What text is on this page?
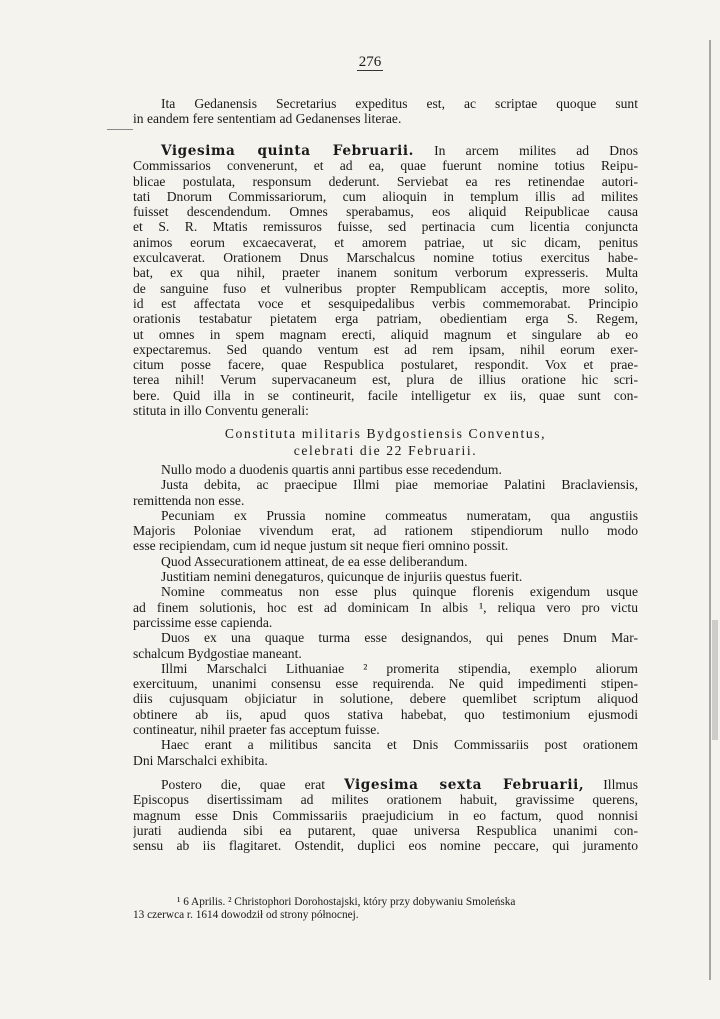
276
Ita Gedanensis Secretarius expeditus est, ac scriptae quoque sunt
in eandem fere sententiam ad Gedanenses literae.
Vigesima quinta Februarii. In arcem milites ad Dnos
Commissarios convenerunt, et ad ea, quae fuerunt nomine totius Reipu-
blicae postulata, responsum dederunt. Serviebat ea res retinendae autori-
tati Dnorum Commissariorum, cum alioquin in templum illis ad milites
fuisset descendendum. Omnes sperabamus, eos aliquid Reipublicae causa
et S. R. Mtatis remissuros fuisse, sed pertinacia cum licentia conjuncta
animos eorum excaecaverat, et amorem patriae, ut sic dicam, penitus
exculcaverat. Orationem Dnus Marschalcus nomine totius exercitus habe-
bat, ex qua nihil, praeter inanem sonitum verborum expresseris. Multa
de sanguine fuso et vulneribus propter Rempublicam acceptis, more solito,
id est affectata voce et sesquipedalibus verbis commemorabat. Principio
orationis testabatur pietatem erga patriam, obedientiam erga S. Regem,
ut omnes in spem magnam erecti, aliquid magnum et singulare ab eo
expectaremus. Sed quando ventum est ad rem ipsam, nihil eorum exer-
citum posse facere, quae Respublica postularet, respondit. Vox et prae-
terea nihil! Verum supervacaneum est, plura de illius oratione hic scri-
bere. Quid illa in se contineurit, facile intelligetur ex iis, quae sunt con-
stituta in illo Conventu generali:
Constituta militaris Bydgostiensis Conventus,
celebrati die 22 Februarii.
Nullo modo a duodenis quartis anni partibus esse recedendum.
Justa debita, ac praecipue Illmi piae memoriae Palatini Braclaviensis,
remittenda non esse.
Pecuniam ex Prussia nomine commeatus numeratam, qua angustiis
Majoris Poloniae vivendum erat, ad rationem stipendiorum nullo modo
esse recipiendam, cum id neque justum sit neque fieri omnino possit.
Quod Assecurationem attineat, de ea esse deliberandum.
Justitiam nemini denegaturos, quicunque de injuriis questus fuerit.
Nomine commeatus non esse plus quinque florenis exigendum usque
ad finem solutionis, hoc est ad dominicam In albis ¹, reliqua vero pro victu
parcissime esse capienda.
Duos ex una quaque turma esse designandos, qui penes Dnum Mar-
schalcum Bydgostiae maneant.
Illmi Marschalci Lithuaniae ² promerita stipendia, exemplo aliorum
exercituum, unanimi consensu esse requirenda. Ne quid impedimenti stipen-
diis cujusquam objiciatur in solutione, debere quemlibet scriptum aliquod
obtinere ab iis, apud quos stativa habebat, quo testimonium ejusmodi
contineatur, nihil praeter fas acceptum fuisse.
Haec erant a militibus sancita et Dnis Commissariis post orationem
Dni Marschalci exhibita.
Postero die, quae erat Vigesima sexta Februarii, Illmus
Episcopus disertissimam ad milites orationem habuit, gravissime querens,
magnum esse Dnis Commissariis praejudicium in eo factum, quod nonnisi
jurati audienda sibi ea putarent, quae universa Respublica unanimi con-
sensu ab iis flagitaret. Ostendit, duplici eos nomine peccare, qui juramento
¹ 6 Aprilis. ² Christophori Dorohostajski, który przy dobywaniu Smoleńska
13 czerwca r. 1614 dowodził od strony północnej.
